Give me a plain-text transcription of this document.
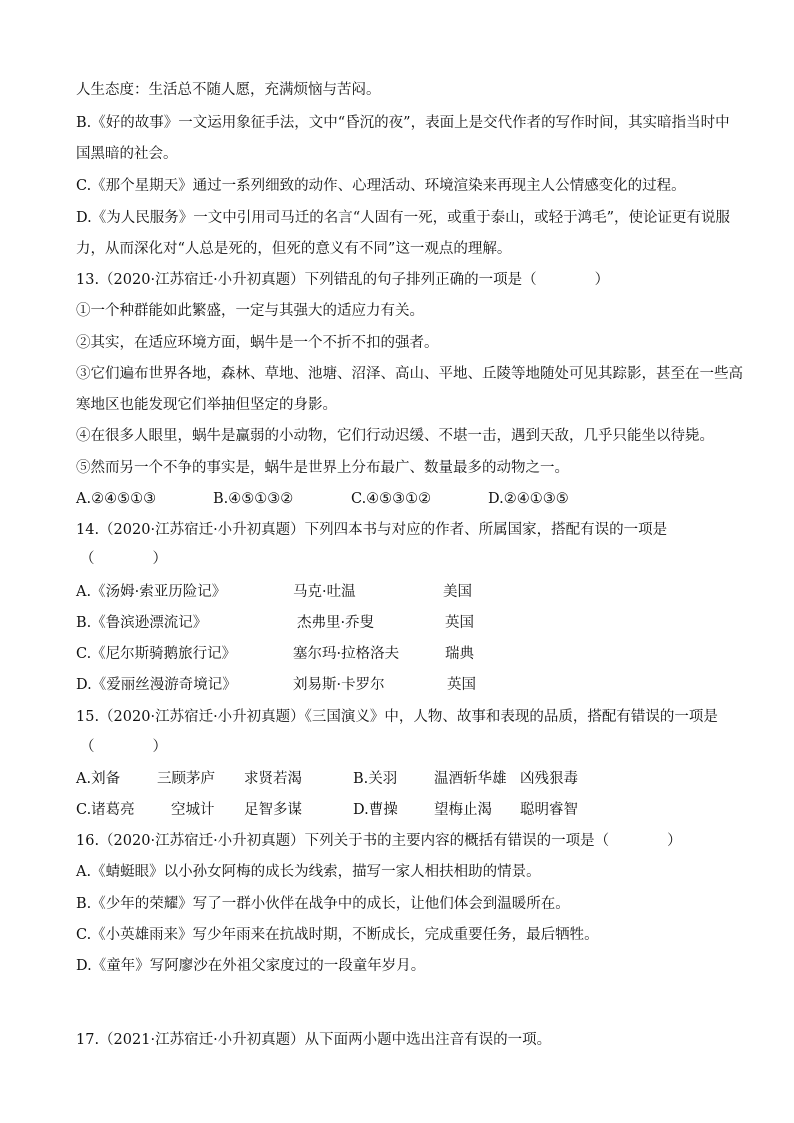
人生态度：生活总不随人愿，充满烦恼与苦闷。
B.《好的故事》一文运用象征手法，文中“昏沉的夜”，表面上是交代作者的写作时间，其实暗指当时中
国黑暗的社会。
C.《那个星期天》通过一系列细致的动作、心理活动、环境渲染来再现主人公情感变化的过程。
D.《为人民服务》一文中引用司马迁的名言“人固有一死，或重于泰山，或轻于鸿毛”，使论证更有说服
力，从而深化对“人总是死的，但死的意义有不同”这一观点的理解。
13.（2020·江苏宿迁·小升初真题）下列错乱的句子排列正确的一项是（　　　　）
①一个种群能如此繁盛，一定与其强大的适应力有关。
②其实，在适应环境方面，蜗牛是一个不折不扣的强者。
③它们遍布世界各地，森林、草地、池塘、沼泽、高山、平地、丘陵等地随处可见其踪影，甚至在一些高
寒地区也能发现它们举抽但坚定的身影。
④在很多人眼里，蜗牛是赢弱的小动物，它们行动迟缓、不堪一击，遇到天敌，几乎只能坐以待毙。
⑤然而另一个不争的事实是，蜗牛是世界上分布最广、数量最多的动物之一。
A.②④⑤①③	B.④⑤①③②	C.④⑤③①②	D.②④①③⑤
14.（2020·江苏宿迁·小升初真题）下列四本书与对应的作者、所属国家，搭配有误的一项是
（　　　　）
A.《汤姆·索亚历险记》	马克·吐温	美国
B.《鲁滨逊漂流记》	杰弗里·乔叟	英国
C.《尼尔斯骑鹅旅行记》	塞尔玛·拉格洛夫	瑞典
D.《爱丽丝漫游奇境记》	刘易斯·卡罗尔	英国
15.（2020·江苏宿迁·小升初真题）《三国演义》中，人物、故事和表现的品质，搭配有错误的一项是
（　　　　）
A.刘备	三顾茅庐 求贤若渴	B.关羽	温酒斩华雄 凶残狠毒
C.诸葛亮	空城计 足智多谋	D.曹操	望梅止渴 聪明睿智
16.（2020·江苏宿迁·小升初真题）下列关于书的主要内容的概括有错误的一项是（　　　　）
A.《蜻蜓眼》以小孙女阿梅的成长为线索，描写一家人相扶相助的情景。
B.《少年的荣耀》写了一群小伙伴在战争中的成长，让他们体会到温暖所在。
C.《小英雄雨来》写少年雨来在抗战时期，不断成长，完成重要任务，最后牺牲。
D.《童年》写阿廖沙在外祖父家度过的一段童年岁月。
17.（2021·江苏宿迁·小升初真题）从下面两小题中选出注音有误的一项。
